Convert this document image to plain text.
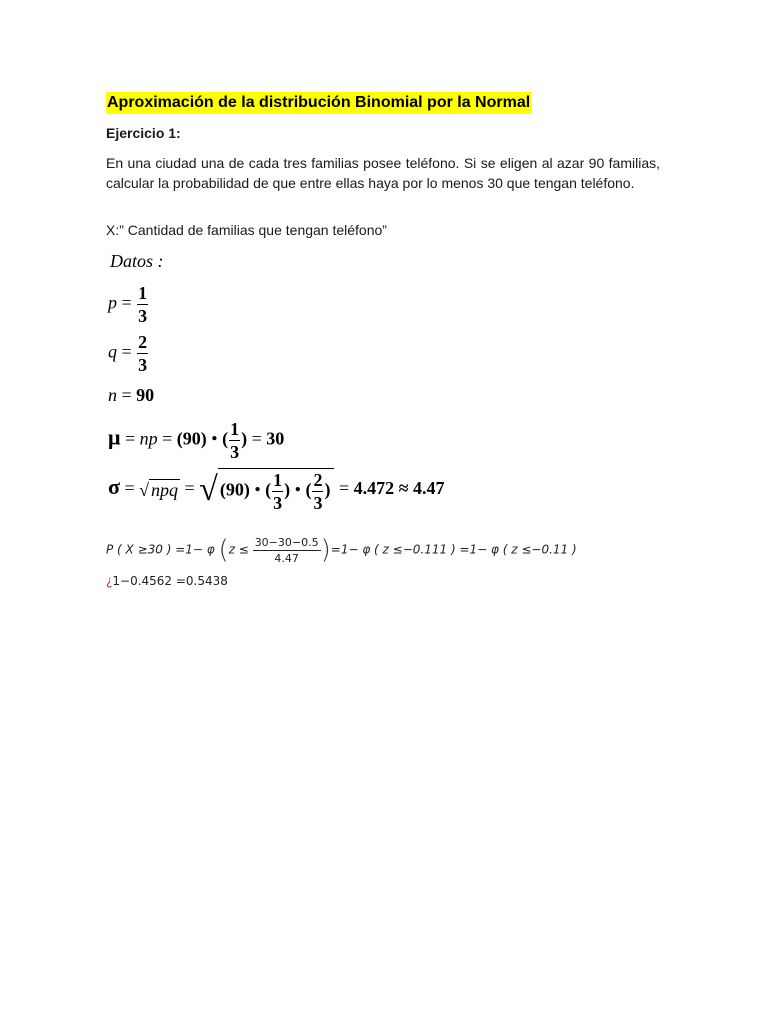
Aproximación de la distribución Binomial por la Normal
Ejercicio 1:
En una ciudad una de cada tres familias posee teléfono. Si se eligen al azar 90 familias, calcular la probabilidad de que entre ellas haya por lo menos 30 que tengan teléfono.
X:” Cantidad de familias que tengan teléfono”
Datos :
$p = \frac{1}{3}$
$q = \frac{2}{3}$
n = 90
μ = np = (90) • ( $\frac{1}{3}$ ) = 30
σ = √ npq = √ (90) • ( $\frac{1}{3}$ ) • ( $\frac{2}{3}$ ) = 4.472 ≈ 4.47
P ( X ≥30 ) =1− φ $(z \le \frac{30-30-0.5}{4.47} )=1- \varphi$ ( z ≤−0.111 ) =1− φ ( z ≤−0.11 )
¿1−0.4562 =0.5438
